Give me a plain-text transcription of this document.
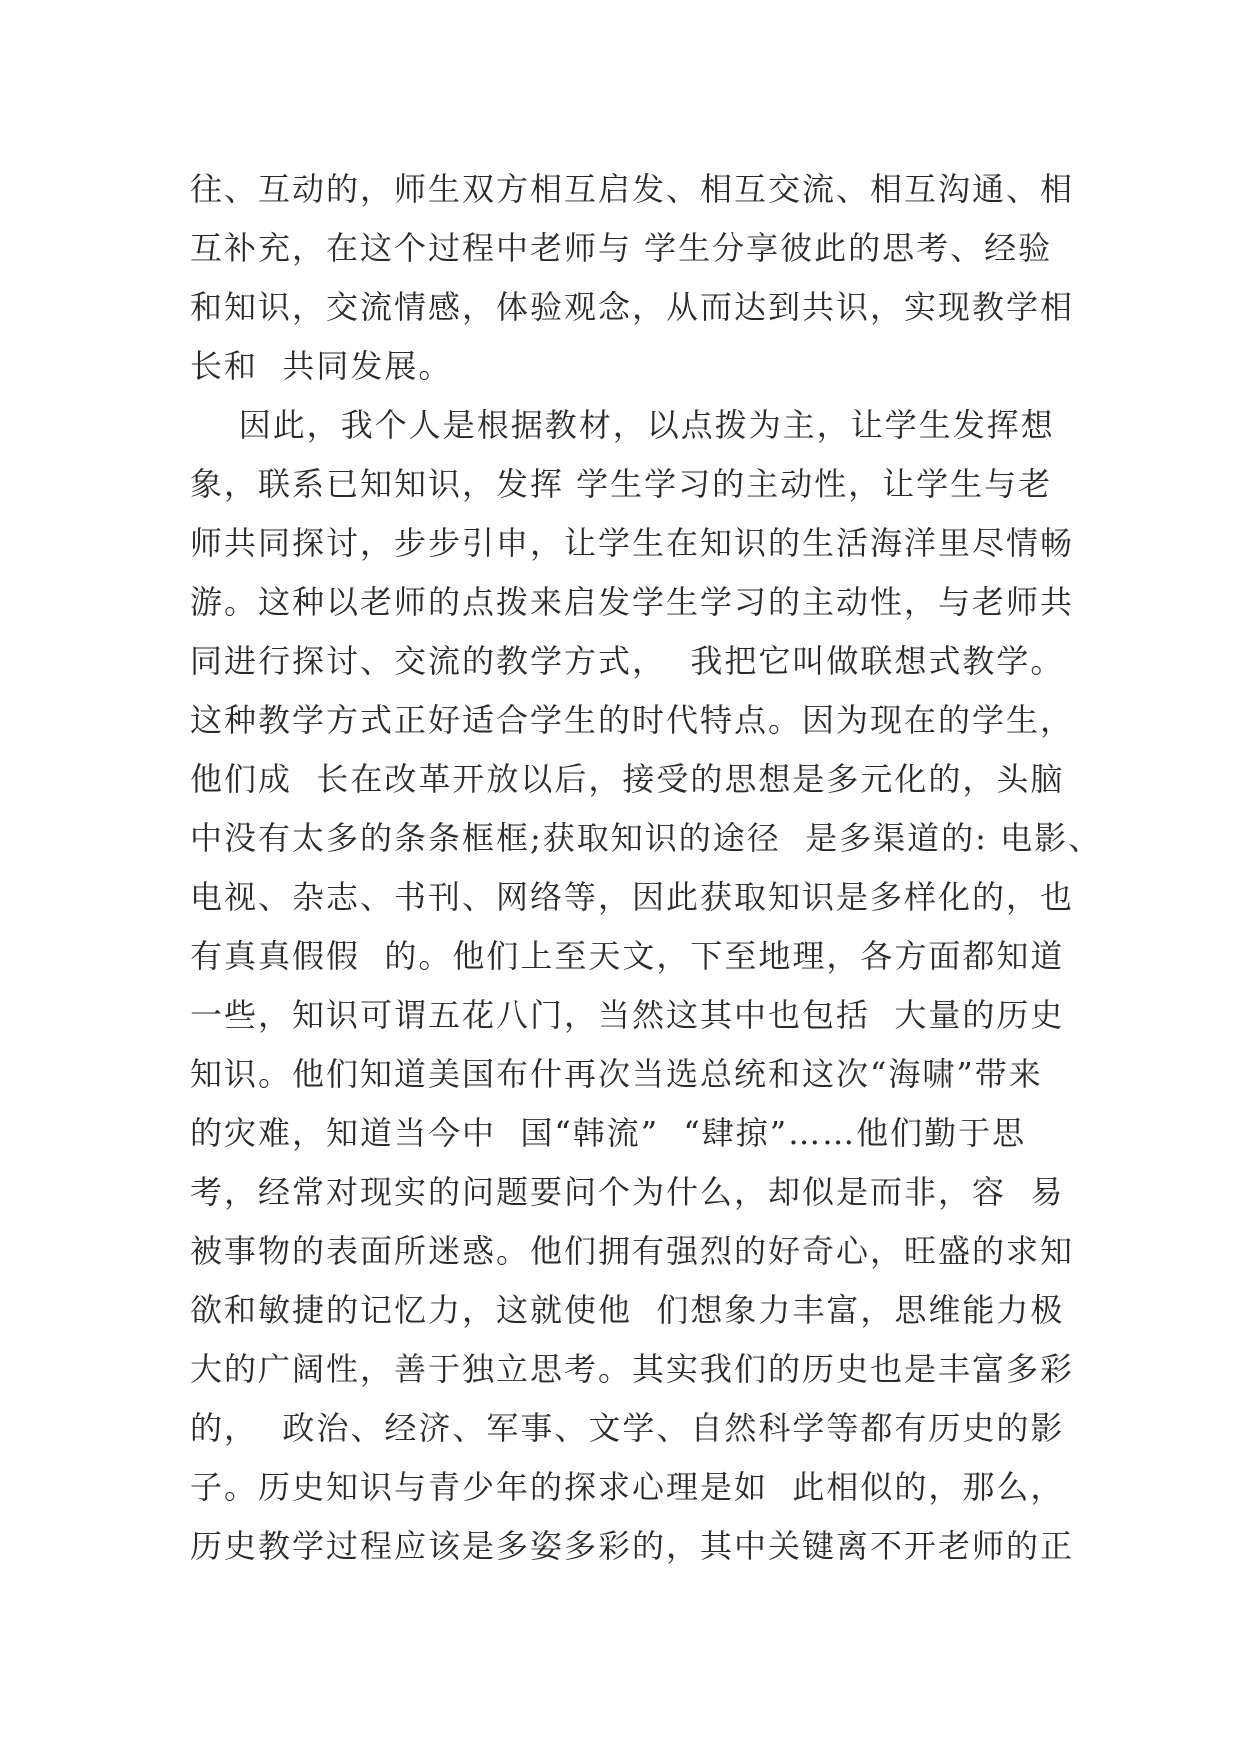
往、互动的，师生双方相互启发、相互交流、相互沟通、相
互补充，在这个过程中老师与 学生分享彼此的思考、经验
和知识，交流情感，体验观念，从而达到共识，实现教学相
长和  共同发展。
因此，我个人是根据教材，以点拨为主，让学生发挥想
象，联系已知知识，发挥 学生学习的主动性，让学生与老
师共同探讨，步步引申，让学生在知识的生活海洋里尽情畅
游。这种以老师的点拨来启发学生学习的主动性，与老师共
同进行探讨、交流的教学方式，  我把它叫做联想式教学。
这种教学方式正好适合学生的时代特点。因为现在的学生，
他们成  长在改革开放以后，接受的思想是多元化的，头脑
中没有太多的条条框框;获取知识的途径  是多渠道的: 电影、
电视、杂志、书刊、网络等，因此获取知识是多样化的，也
有真真假假  的。他们上至天文，下至地理，各方面都知道
一些，知识可谓五花八门，当然这其中也包括  大量的历史
知识。他们知道美国布什再次当选总统和这次“海啸”带来
的灾难，知道当今中  国“韩流”  “肆掠”……他们勤于思
考，经常对现实的问题要问个为什么，却似是而非，容  易
被事物的表面所迷惑。他们拥有强烈的好奇心，旺盛的求知
欲和敏捷的记忆力，这就使他  们想象力丰富，思维能力极
大的广阔性，善于独立思考。其实我们的历史也是丰富多彩
的，  政治、经济、军事、文学、自然科学等都有历史的影
子。历史知识与青少年的探求心理是如  此相似的，那么，
历史教学过程应该是多姿多彩的，其中关键离不开老师的正
